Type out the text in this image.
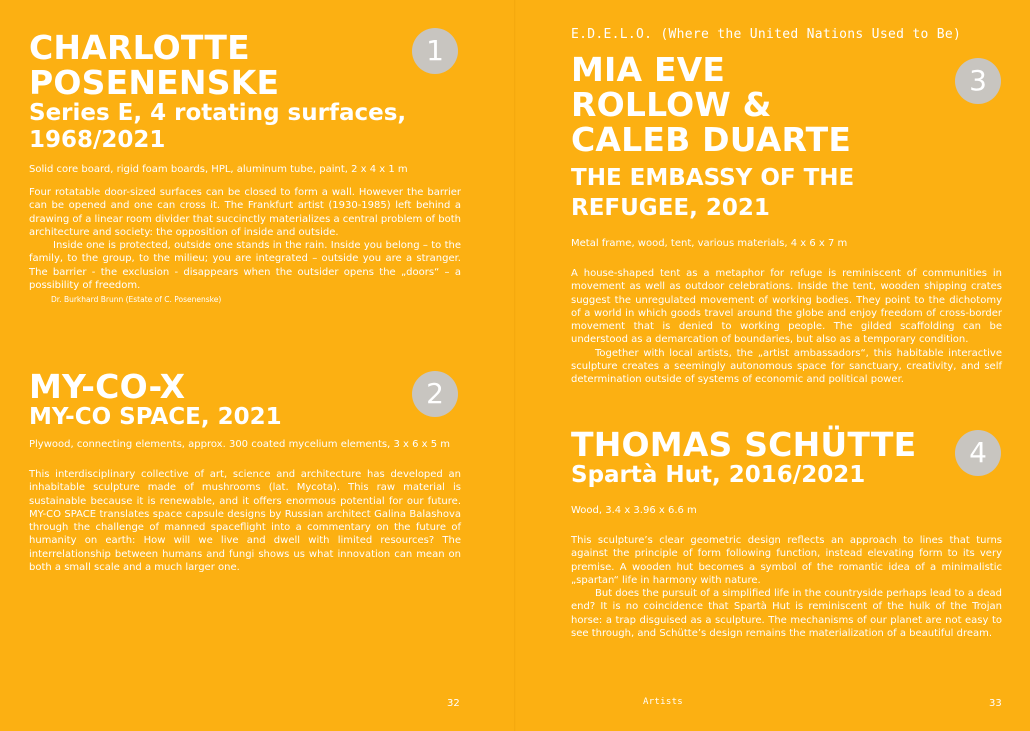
CHARLOTTE POSENENSKE
Series E, 4 rotating surfaces, 1968/2021

Solid core board, rigid foam boards, HPL, aluminum tube, paint, 2 x 4 x 1 m

Four rotatable door-sized surfaces can be closed to form a wall. However the barrier can be opened and one can cross it. The Frankfurt artist (1930-1985) left behind a drawing of a linear room divider that succinctly materializes a central problem of both architecture and society: the opposition of inside and outside.

Inside one is protected, outside one stands in the rain. Inside you belong – to the family, to the group, to the milieu; you are integrated – outside you are a stranger. The barrier - the exclusion - disappears when the outsider opens the „doors“ – a possibility of freedom.

Dr. Burkhard Brunn (Estate of C. Posenenske)

1
MY-CO-X
MY-CO SPACE, 2021

Plywood, connecting elements, approx. 300 coated mycelium elements, 3 x 6 x 5 m

This interdisciplinary collective of art, science and architecture has developed an inhabitable sculpture made of mushrooms (lat. Mycota). This raw material is sustainable because it is renewable, and it offers enormous potential for our future. MY-CO SPACE translates space capsule designs by Russian architect Galina Balashova through the challenge of manned spaceflight into a commentary on the future of humanity on earth: How will we live and dwell with limited resources? The interrelationship between humans and fungi shows us what innovation can mean on both a small scale and a much larger one.

2
32
E.D.E.L.O. (Where the United Nations Used to Be)
MIA EVE ROLLOW & CALEB DUARTE
THE EMBASSY OF THE REFUGEE, 2021

Metal frame, wood, tent, various materials, 4 x 6 x 7 m

A house-shaped tent as a metaphor for refuge is reminiscent of communities in movement as well as outdoor celebrations. Inside the tent, wooden shipping crates suggest the unregulated movement of working bodies. They point to the dichotomy of a world in which goods travel around the globe and enjoy freedom of cross-border movement that is denied to working people. The gilded scaffolding can be understood as a demarcation of boundaries, but also as a temporary condition.

Together with local artists, the „artist ambassadors“, this habitable interactive sculpture creates a seemingly autonomous space for sanctuary, creativity, and self determination outside of systems of economic and political power.

3
THOMAS SCHÜTTE
Spartà Hut, 2016/2021

Wood, 3.4 x 3.96 x 6.6 m

This sculpture’s clear geometric design reflects an approach to lines that turns against the principle of form following function, instead elevating form to its very premise. A wooden hut becomes a symbol of the romantic idea of a minimalistic „spartan“ life in harmony with nature.

But does the pursuit of a simplified life in the countryside perhaps lead to a dead end? It is no coincidence that Spartà Hut is reminiscent of the hulk of the Trojan horse: a trap disguised as a sculpture. The mechanisms of our planet are not easy to see through, and Schütte’s design remains the materialization of a beautiful dream.

4
Artists	33
